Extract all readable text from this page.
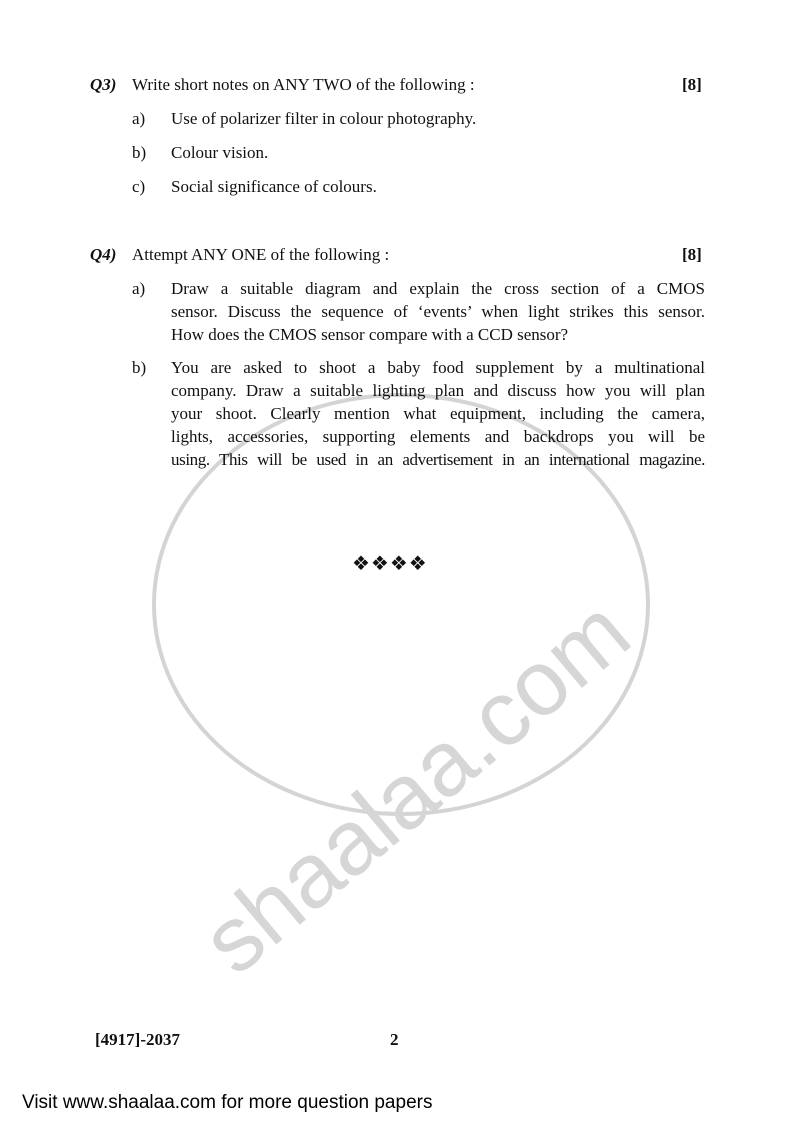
shaalaa.com
Q3) Write short notes on ANY TWO of the following :	[8]
a) Use of polarizer filter in colour photography.
b) Colour vision.
c) Social significance of colours.
Q4) Attempt ANY ONE of the following :	[8]
a) Draw a suitable diagram and explain the cross section of a CMOS
sensor. Discuss the sequence of ‘events’ when light strikes this sensor.
How does the CMOS sensor compare with a CCD sensor?
b) You are asked to shoot a baby food supplement by a multinational
company. Draw a suitable lighting plan and discuss how you will plan
your shoot. Clearly mention what equipment, including the camera,
lights, accessories, supporting elements and backdrops you will be
using. This will be used in an advertisement in an international magazine.
❖❖❖❖
[4917]-2037	2
Visit www.shaalaa.com for more question papers
